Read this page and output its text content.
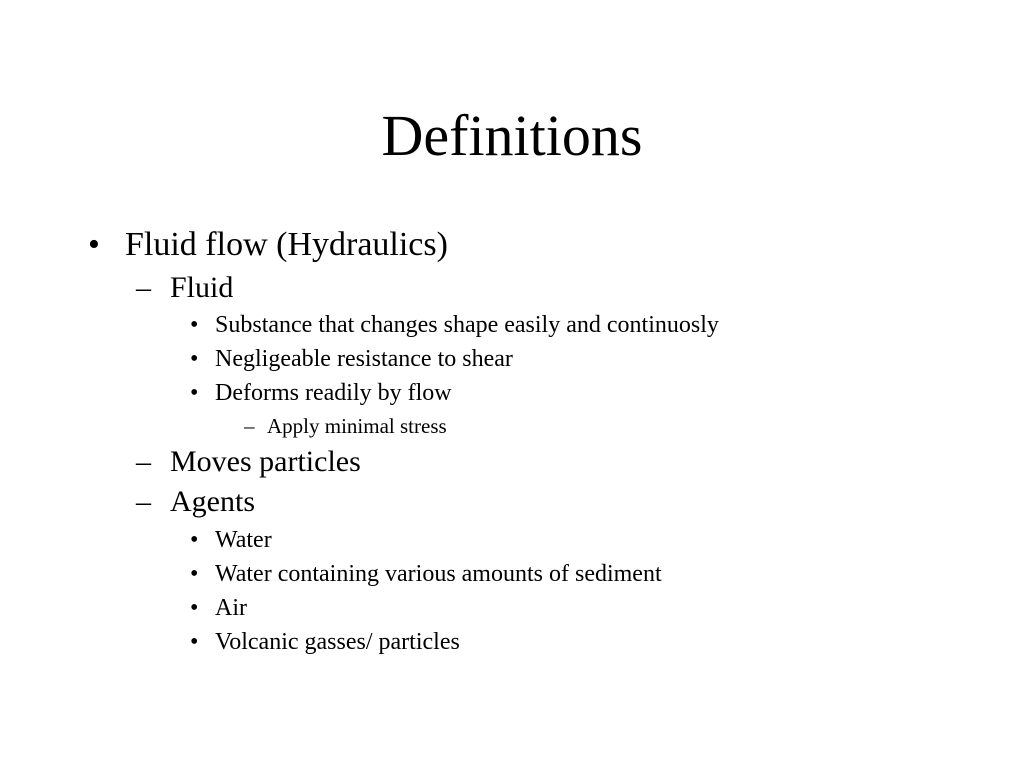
Definitions
• Fluid flow (Hydraulics)
– Fluid
• Substance that changes shape easily and continuosly
• Negligeable resistance to shear
• Deforms readily by flow
– Apply minimal stress
– Moves particles
– Agents
• Water
• Water containing various amounts of sediment
• Air
• Volcanic gasses/ particles
